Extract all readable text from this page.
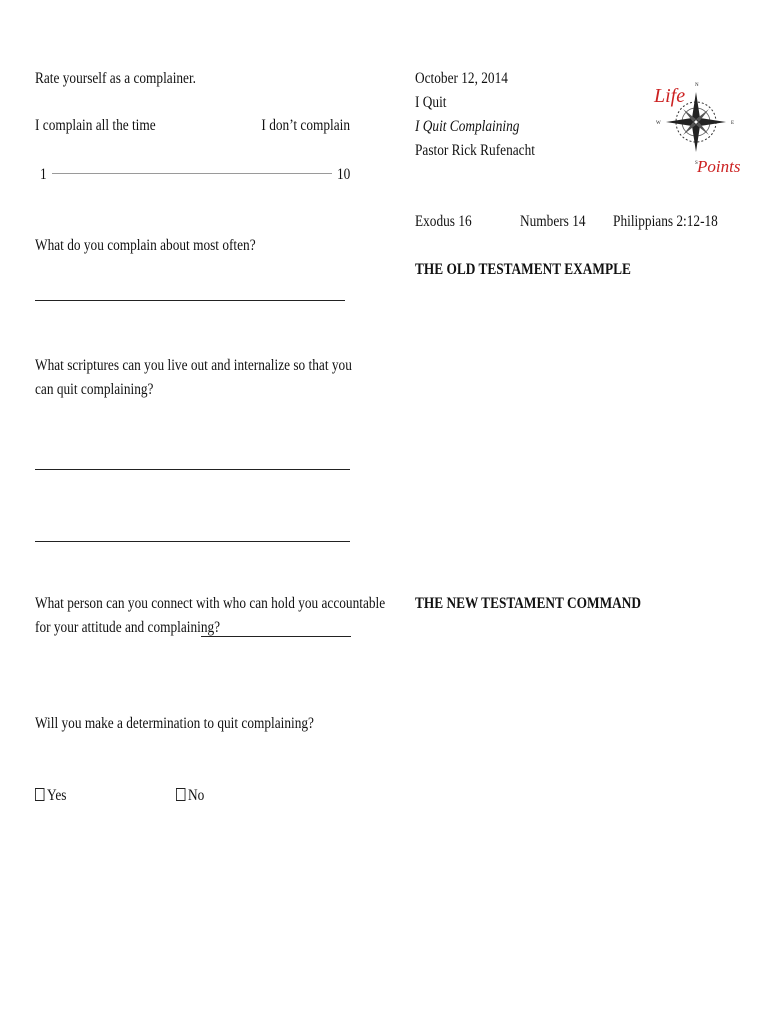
Rate yourself as a complainer.
I complain all the time	I don’t complain
1	10
What do you complain about most often?
What scriptures can you live out and internalize so that you can quit complaining?
What person can you connect with who can hold you accountable
for your attitude and complaining?
Will you make a determination to quit complaining?
Yes	No
October 12, 2014
I Quit
I Quit Complaining
Pastor Rick Rufenacht
Exodus 16	Numbers 14 Philippians 2:12-18
THE OLD TESTAMENT EXAMPLE
THE NEW TESTAMENT COMMAND
N
S
E
W
Life
Points
